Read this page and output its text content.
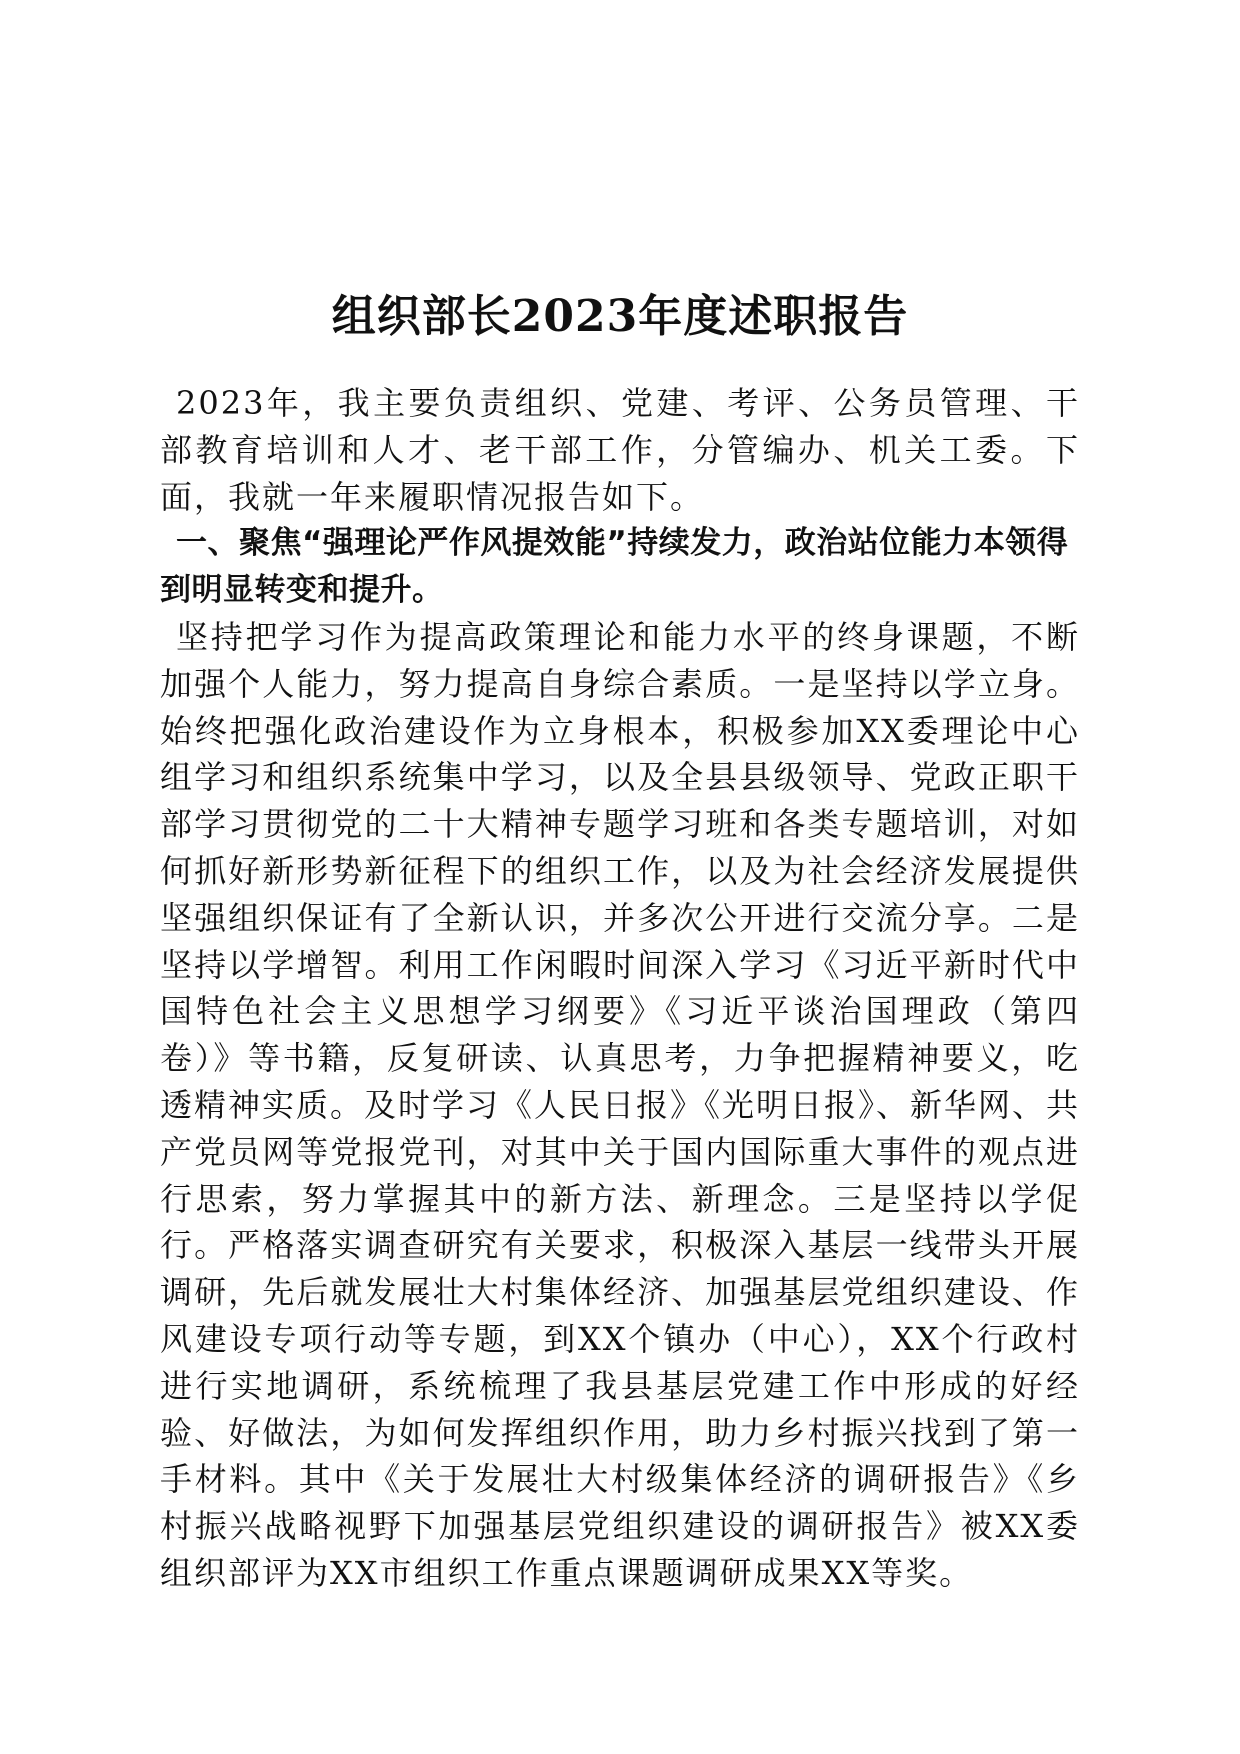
组织部长2023年度述职报告

2023年，我主要负责组织、党建、考评、公务员管理、干部教育培训和人才、老干部工作，分管编办、机关工委。下面，我就一年来履职情况报告如下。

一、聚焦“强理论严作风提效能”持续发力，政治站位能力本领得到明显转变和提升。

坚持把学习作为提高政策理论和能力水平的终身课题，不断加强个人能力，努力提高自身综合素质。一是坚持以学立身。始终把强化政治建设作为立身根本，积极参加XX委理论中心组学习和组织系统集中学习，以及全县县级领导、党政正职干部学习贯彻党的二十大精神专题学习班和各类专题培训，对如何抓好新形势新征程下的组织工作，以及为社会经济发展提供坚强组织保证有了全新认识，并多次公开进行交流分享。二是坚持以学增智。利用工作闲暇时间深入学习《习近平新时代中国特色社会主义思想学习纲要》《习近平谈治国理政（第四卷）》等书籍，反复研读、认真思考，力争把握精神要义，吃透精神实质。及时学习《人民日报》《光明日报》、新华网、共产党员网等党报党刊，对其中关于国内国际重大事件的观点进行思索，努力掌握其中的新方法、新理念。三是坚持以学促行。严格落实调查研究有关要求，积极深入基层一线带头开展调研，先后就发展壮大村集体经济、加强基层党组织建设、作风建设专项行动等专题，到XX个镇办（中心），XX个行政村进行实地调研，系统梳理了我县基层党建工作中形成的好经验、好做法，为如何发挥组织作用，助力乡村振兴找到了第一手材料。其中《关于发展壮大村级集体经济的调研报告》《乡村振兴战略视野下加强基层党组织建设的调研报告》被XX委组织部评为XX市组织工作重点课题调研成果XX等奖。
